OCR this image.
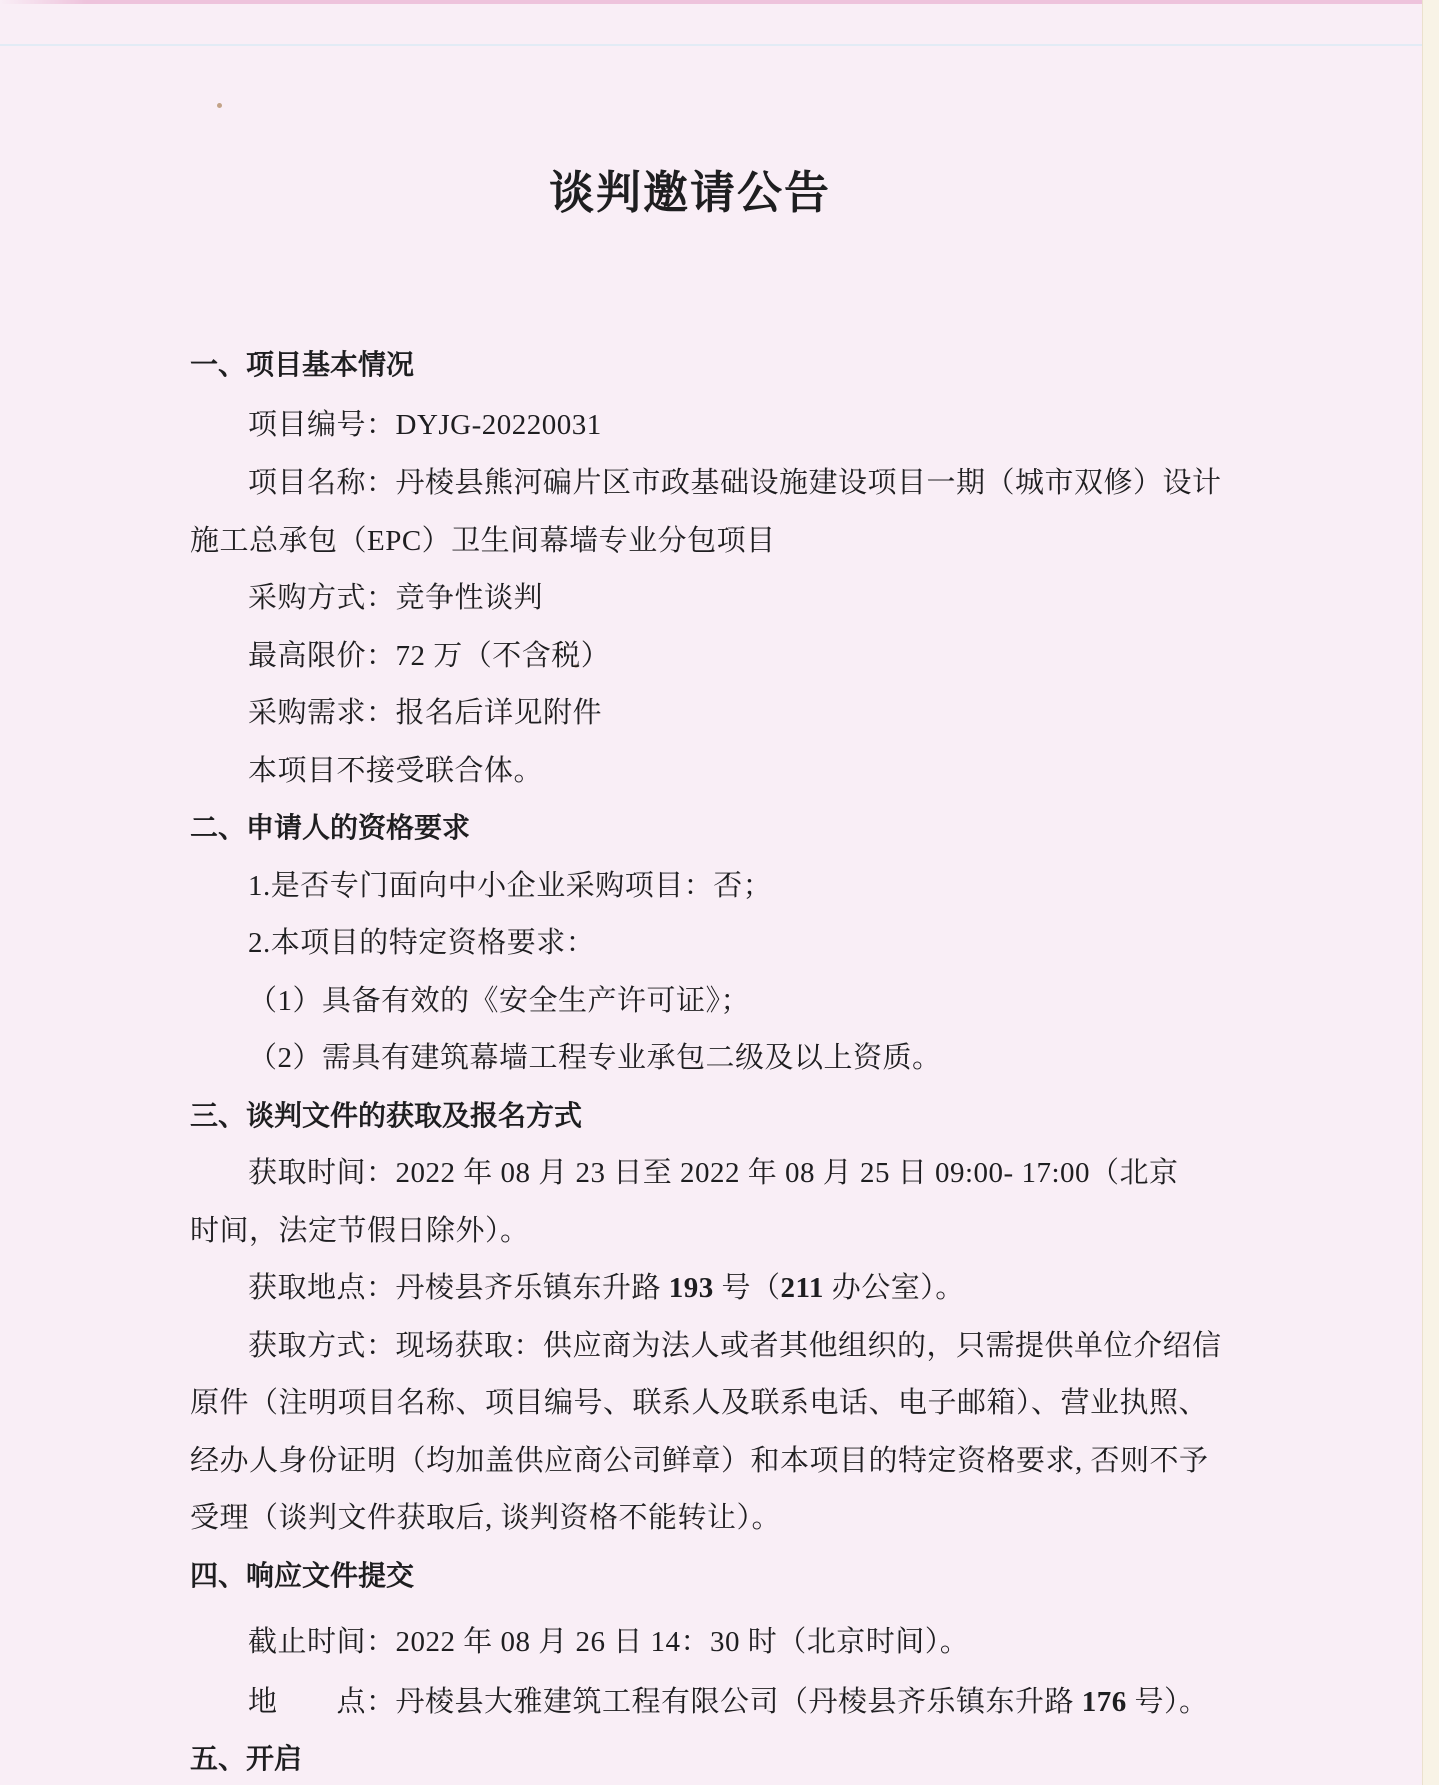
谈判邀请公告
一、项目基本情况
项目编号：DYJG-20220031
项目名称：丹棱县熊河碥片区市政基础设施建设项目一期（城市双修）设计
施工总承包（EPC）卫生间幕墙专业分包项目
采购方式：竞争性谈判
最高限价：72 万（不含税）
采购需求：报名后详见附件
本项目不接受联合体。
二、申请人的资格要求
1.是否专门面向中小企业采购项目：否；
2.本项目的特定资格要求：
（1）具备有效的《安全生产许可证》；
（2）需具有建筑幕墙工程专业承包二级及以上资质。
三、谈判文件的获取及报名方式
获取时间：2022 年 08 月 23 日至 2022 年 08 月 25 日 09:00- 17:00（北京
时间，法定节假日除外）。
获取地点：丹棱县齐乐镇东升路 193 号（211 办公室）。
获取方式：现场获取：供应商为法人或者其他组织的，只需提供单位介绍信
原件（注明项目名称、项目编号、联系人及联系电话、电子邮箱）、营业执照、
经办人身份证明（均加盖供应商公司鲜章）和本项目的特定资格要求, 否则不予
受理（谈判文件获取后, 谈判资格不能转让）。
四、响应文件提交
截止时间：2022 年 08 月 26 日 14：30 时（北京时间）。
地　　点：丹棱县大雅建筑工程有限公司（丹棱县齐乐镇东升路 176 号）。
五、开启
